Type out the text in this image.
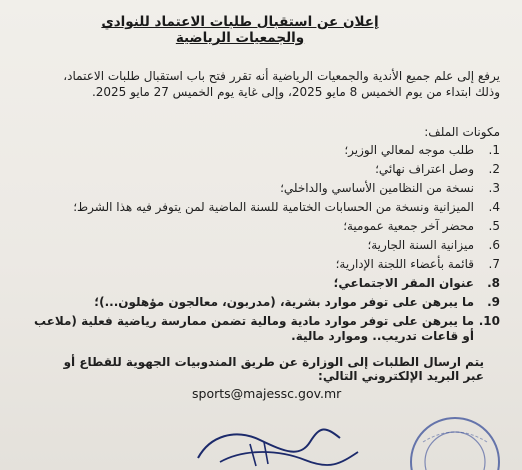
إعلان عن استقبال طلبات الاعتماد للنوادي والجمعيات الرياضية

يرفع إلى علم جميع الأندية والجمعيات الرياضية أنه تقرر فتح باب استقبال طلبات الاعتماد،

وذلك ابتداء من يوم الخميس 8 مايو 2025، وإلى غاية يوم الخميس 27 مايو 2025.

مكونات الملف:
1.
طلب موجه لمعالي الوزير؛
2.
وصل اعتراف نهائي؛
3.
نسخة من النظامين الأساسي والداخلي؛
4.
الميزانية ونسخة من الحسابات الختامية للسنة الماضية لمن يتوفر فيه هذا الشرط؛
5.
محضر آخر جمعية عمومية؛
6.
ميزانية السنة الجارية؛
7.
قائمة بأعضاء اللجنة الإدارية؛
8.
عنوان المقر الاجتماعي؛
9.
ما يبرهن على توفر موارد بشرية، (مدربون، معالجون مؤهلون...)؛
10.
ما يبرهن على توفر موارد مادية ومالية تضمن ممارسة رياضية فعلية (ملاعب أو قاعات تدريب.. وموارد مالية.
يتم ارسال الطلبات إلى الوزارة عن طريق المندوبيات الجهوية للقطاع أو عبر البريد الإلكتروني التالي:
sports@majessc.gov.mr
